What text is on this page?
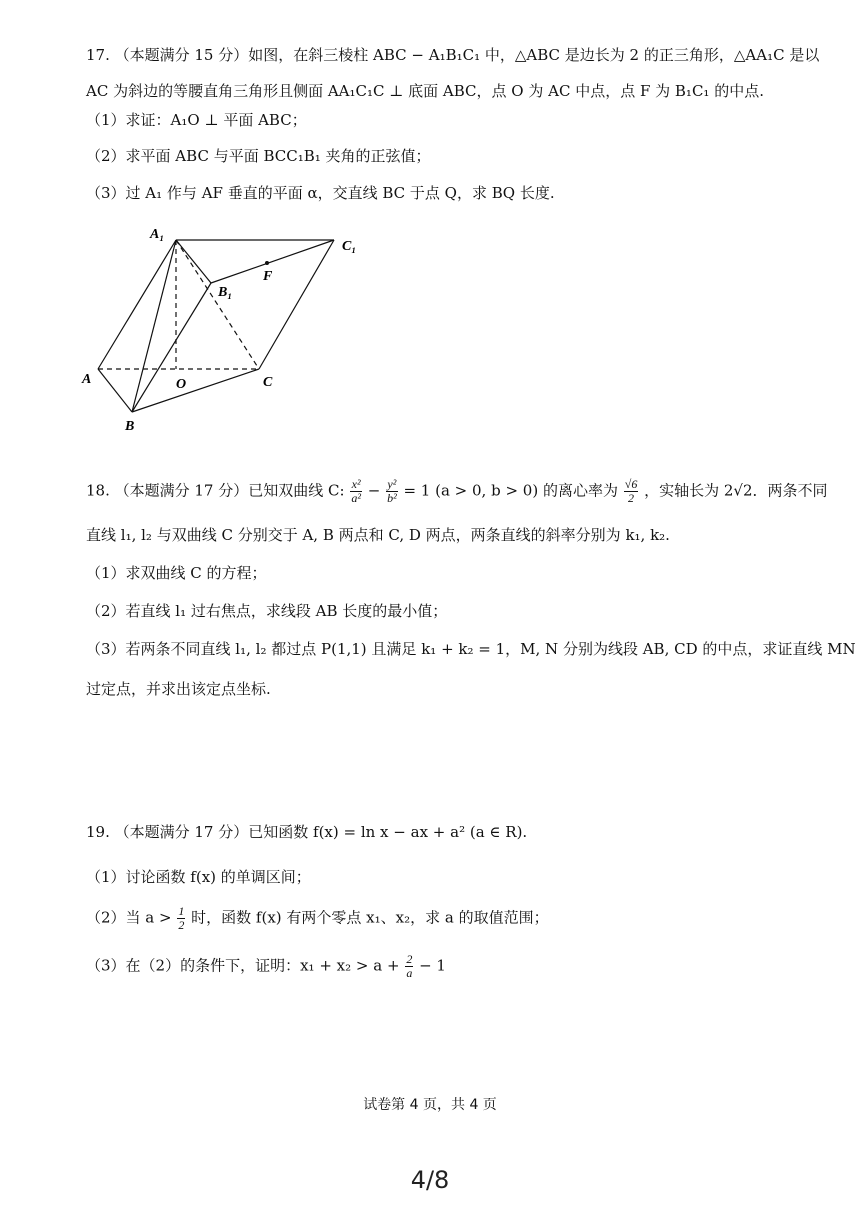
17. （本题满分 15 分）如图，在斜三棱柱 ABC − A₁B₁C₁ 中，△ABC 是边长为 2 的正三角形，△AA₁C 是以
AC 为斜边的等腰直角三角形且侧面 AA₁C₁C ⊥ 底面 ABC，点 O 为 AC 中点，点 F 为 B₁C₁ 的中点.
（1）求证：A₁O ⊥ 平面 ABC；
（2）求平面 ABC 与平面 BCC₁B₁ 夹角的正弦值；
（3）过 A₁ 作与 AF 垂直的平面 α，交直线 BC 于点 Q，求 BQ 长度.
A₁
C₁
F
B₁
A	O	C
B
18. （本题满分 17 分）已知双曲线 C: $\frac{\text{x²}}{\text{a²}} - \frac{\text{y²}}{\text{b²}} = 1$ (a > 0, b > 0) 的离心率为 $\frac{√6}{2}$ ，实轴长为 2√2．两条不同
直线 l₁, l₂ 与双曲线 C 分别交于 A, B 两点和 C, D 两点，两条直线的斜率分别为 k₁, k₂.
（1）求双曲线 C 的方程；
（2）若直线 l₁ 过右焦点，求线段 AB 长度的最小值；
（3）若两条不同直线 l₁, l₂ 都过点 P(1,1) 且满足 k₁ + k₂ = 1，M, N 分别为线段 AB, CD 的中点，求证直线 MN
过定点，并求出该定点坐标.
19. （本题满分 17 分）已知函数 f(x) = ln x − ax + a² (a ∈ R).
（1）讨论函数 f(x) 的单调区间；
（2）当 $a > \frac{1}{2}$ 时，函数 f(x) 有两个零点 x₁、x₂，求 a 的取值范围；
（3）在（2）的条件下，证明：$x_1 + x_2 > a + \frac{2}{a} - 1$
试卷第 4 页，共 4 页
4/8
